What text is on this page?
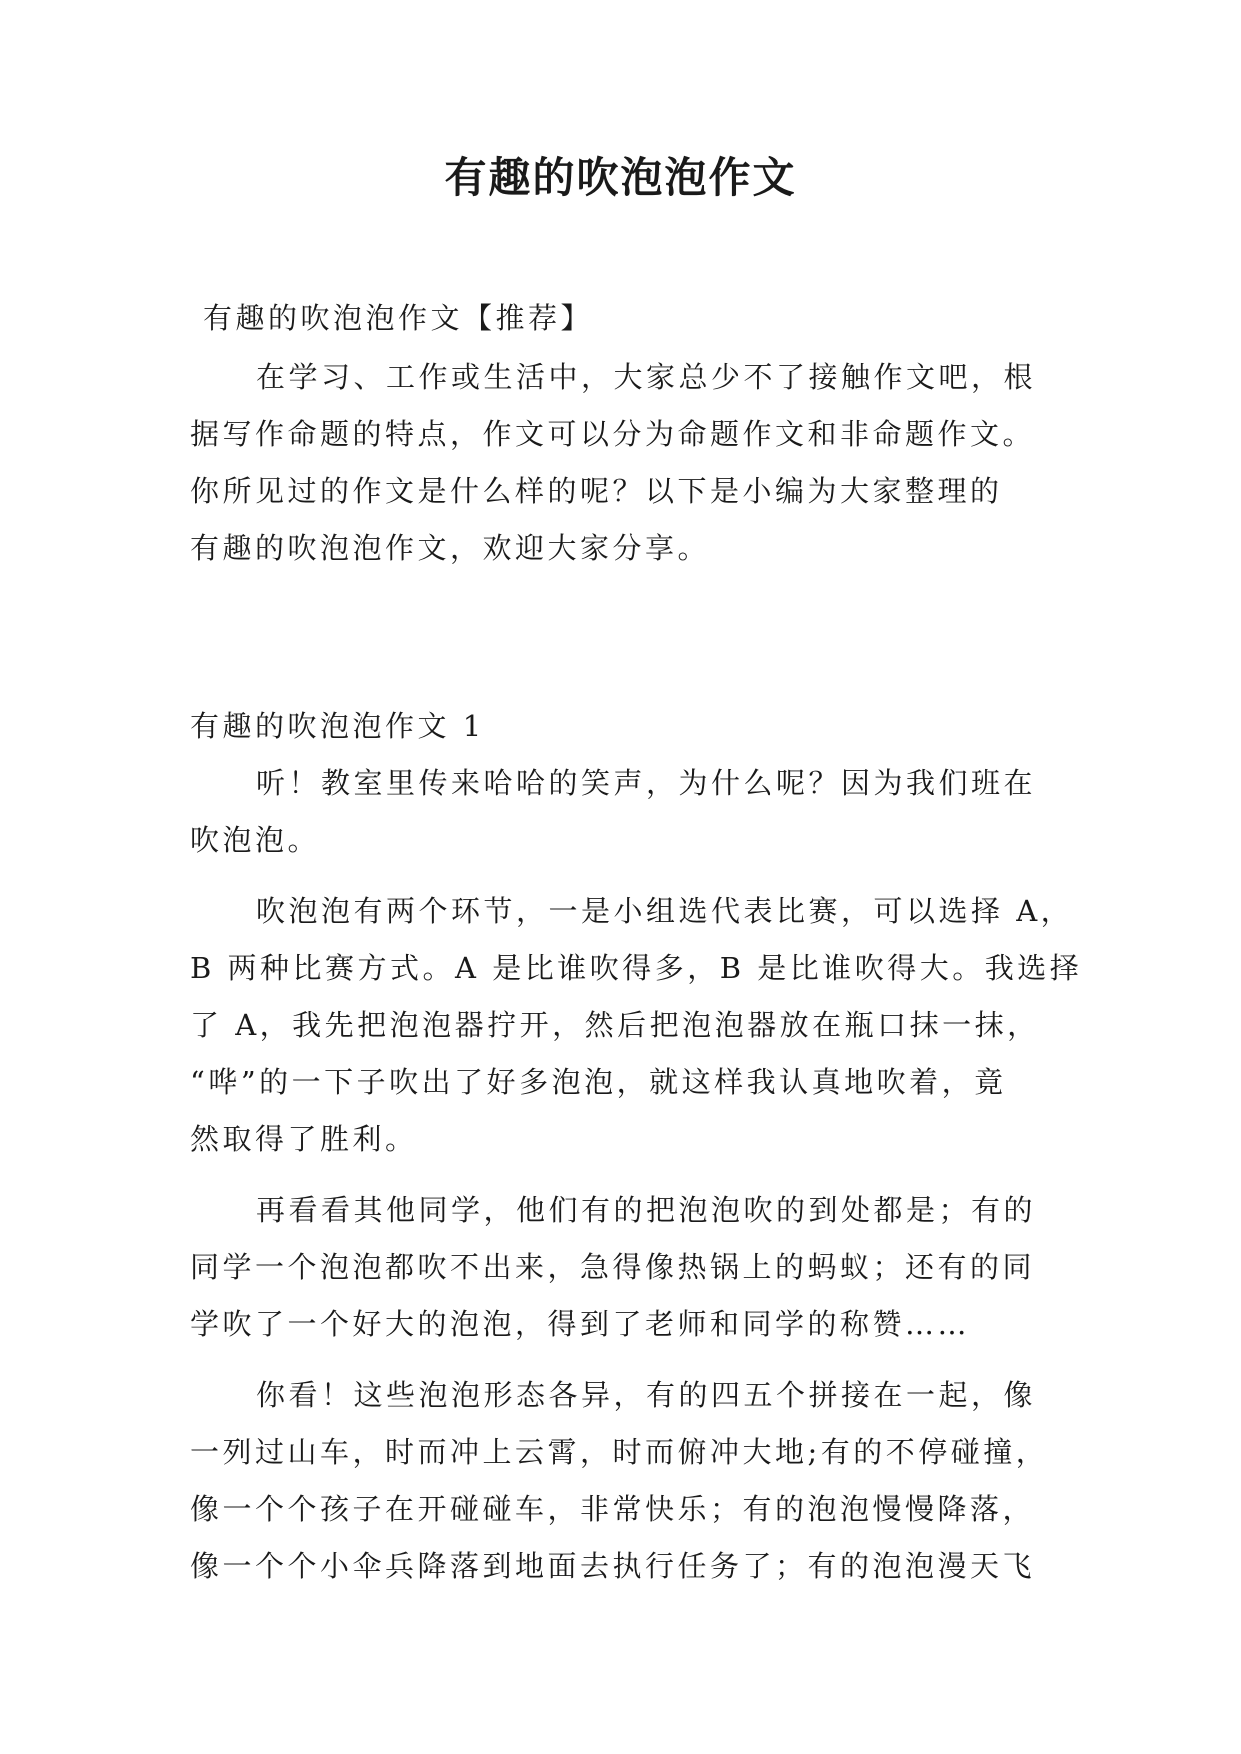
有趣的吹泡泡作文
有趣的吹泡泡作文【推荐】
在学习、工作或生活中，大家总少不了接触作文吧，根
据写作命题的特点，作文可以分为命题作文和非命题作文。
你所见过的作文是什么样的呢？以下是小编为大家整理的
有趣的吹泡泡作文，欢迎大家分享。
有趣的吹泡泡作文 1
听！教室里传来哈哈的笑声，为什么呢？因为我们班在
吹泡泡。
吹泡泡有两个环节，一是小组选代表比赛，可以选择 A，
B 两种比赛方式。A 是比谁吹得多，B 是比谁吹得大。我选择
了 A，我先把泡泡器拧开，然后把泡泡器放在瓶口抹一抹，
“哗”的一下子吹出了好多泡泡，就这样我认真地吹着，竟
然取得了胜利。
再看看其他同学，他们有的把泡泡吹的到处都是；有的
同学一个泡泡都吹不出来，急得像热锅上的蚂蚁；还有的同
学吹了一个好大的泡泡，得到了老师和同学的称赞……
你看！这些泡泡形态各异，有的四五个拼接在一起，像
一列过山车，时而冲上云霄，时而俯冲大地;有的不停碰撞，
像一个个孩子在开碰碰车，非常快乐；有的泡泡慢慢降落，
像一个个小伞兵降落到地面去执行任务了；有的泡泡漫天飞
